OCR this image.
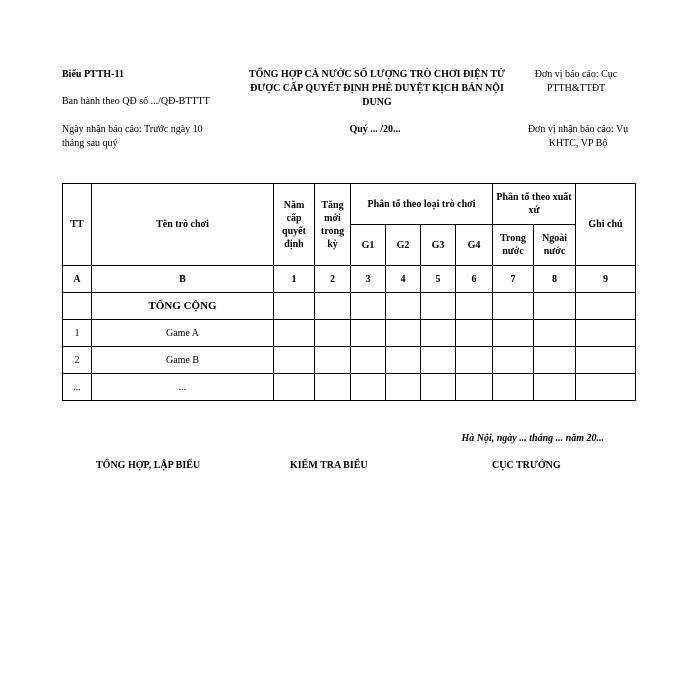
Biểu PTTH-11
Ban hành theo QĐ số .../QĐ-BTTTT
Ngày nhận báo cáo: Trước ngày 10
tháng sau quý
TỔNG HỢP CẢ NƯỚC SỐ LƯỢNG TRÒ CHƠI ĐIỆN TỬ
ĐƯỢC CẤP QUYẾT ĐỊNH PHÊ DUYỆT KỊCH BẢN NỘI
DUNG
Quý ... /20...
Đơn vị báo cáo: Cục
PTTH&TTĐT
Đơn vị nhận báo cáo: Vụ
KHTC, VP Bộ
TT	Tên trò chơi	Năm cấp quyết định	Tăng mới trong kỳ	Phân tổ theo loại trò chơi				Phân tổ theo xuất xứ		Ghi chú
				G1	G2	G3	G4	Trong nước	Ngoài nước	
A	B	1	2	3	4	5	6	7	8	9
	TỔNG CỘNG									
1	Game A									
2	Game B									
...	...									
Hà Nội, ngày ... tháng ... năm 20...
TỔNG HỢP, LẬP BIỂU	KIỂM TRA BIỂU	CỤC TRƯỞNG
